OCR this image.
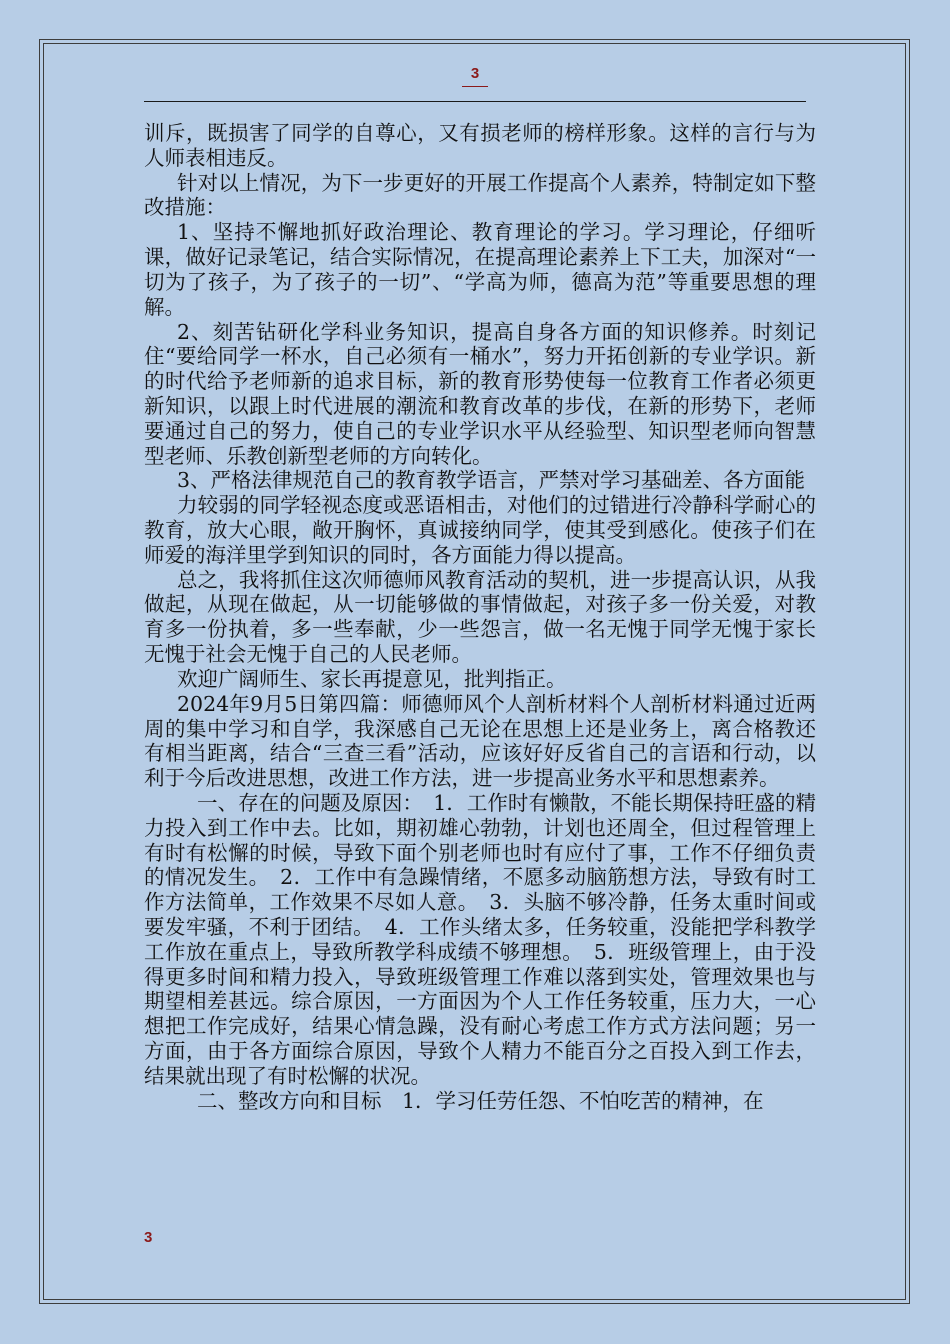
3

训斥，既损害了同学的自尊心，又有损老师的榜样形象。这样的言行与为人师表相违反。

针对以上情况，为下一步更好的开展工作提高个人素养，特制定如下整改措施：

1、坚持不懈地抓好政治理论、教育理论的学习。学习理论，仔细听课，做好记录笔记，结合实际情况，在提高理论素养上下工夫，加深对“一切为了孩子，为了孩子的一切”、“学高为师，德高为范”等重要思想的理解。

2、刻苦钻研化学科业务知识，提高自身各方面的知识修养。时刻记住“要给同学一杯水，自己必须有一桶水”，努力开拓创新的专业学识。新的时代给予老师新的追求目标，新的教育形势使每一位教育工作者必须更新知识，以跟上时代进展的潮流和教育改革的步伐，在新的形势下，老师要通过自己的努力，使自己的专业学识水平从经验型、知识型老师向智慧型老师、乐教创新型老师的方向转化。

3、严格法律规范自己的教育教学语言，严禁对学习基础差、各方面能

力较弱的同学轻视态度或恶语相击，对他们的过错进行冷静科学耐心的教育，放大心眼，敞开胸怀，真诚接纳同学，使其受到感化。使孩子们在师爱的海洋里学到知识的同时，各方面能力得以提高。

总之，我将抓住这次师德师风教育活动的契机，进一步提高认识，从我做起，从现在做起，从一切能够做的事情做起，对孩子多一份关爱，对教育多一份执着，多一些奉献，少一些怨言，做一名无愧于同学无愧于家长无愧于社会无愧于自己的人民老师。

欢迎广阔师生、家长再提意见，批判指正。

2024年9月5日第四篇：师德师风个人剖析材料个人剖析材料通过近两周的集中学习和自学，我深感自己无论在思想上还是业务上，离合格教还有相当距离，结合“三查三看”活动，应该好好反省自己的言语和行动，以利于今后改进思想，改进工作方法，进一步提高业务水平和思想素养。

一、存在的问题及原因：　1．工作时有懒散，不能长期保持旺盛的精力投入到工作中去。比如，期初雄心勃勃，计划也还周全，但过程管理上有时有松懈的时候，导致下面个别老师也时有应付了事，工作不仔细负责的情况发生。　2．工作中有急躁情绪，不愿多动脑筋想方法，导致有时工作方法简单，工作效果不尽如人意。　3．头脑不够冷静，任务太重时间或要发牢骚，不利于团结。　4．工作头绪太多，任务较重，没能把学科教学工作放在重点上，导致所教学科成绩不够理想。　5．班级管理上，由于没得更多时间和精力投入，导致班级管理工作难以落到实处，管理效果也与期望相差甚远。综合原因，一方面因为个人工作任务较重，压力大，一心想把工作完成好，结果心情急躁，没有耐心考虑工作方式方法问题；另一方面，由于各方面综合原因，导致个人精力不能百分之百投入到工作去，结果就出现了有时松懈的状况。

二、整改方向和目标　1．学习任劳任怨、不怕吃苦的精神，在

3
